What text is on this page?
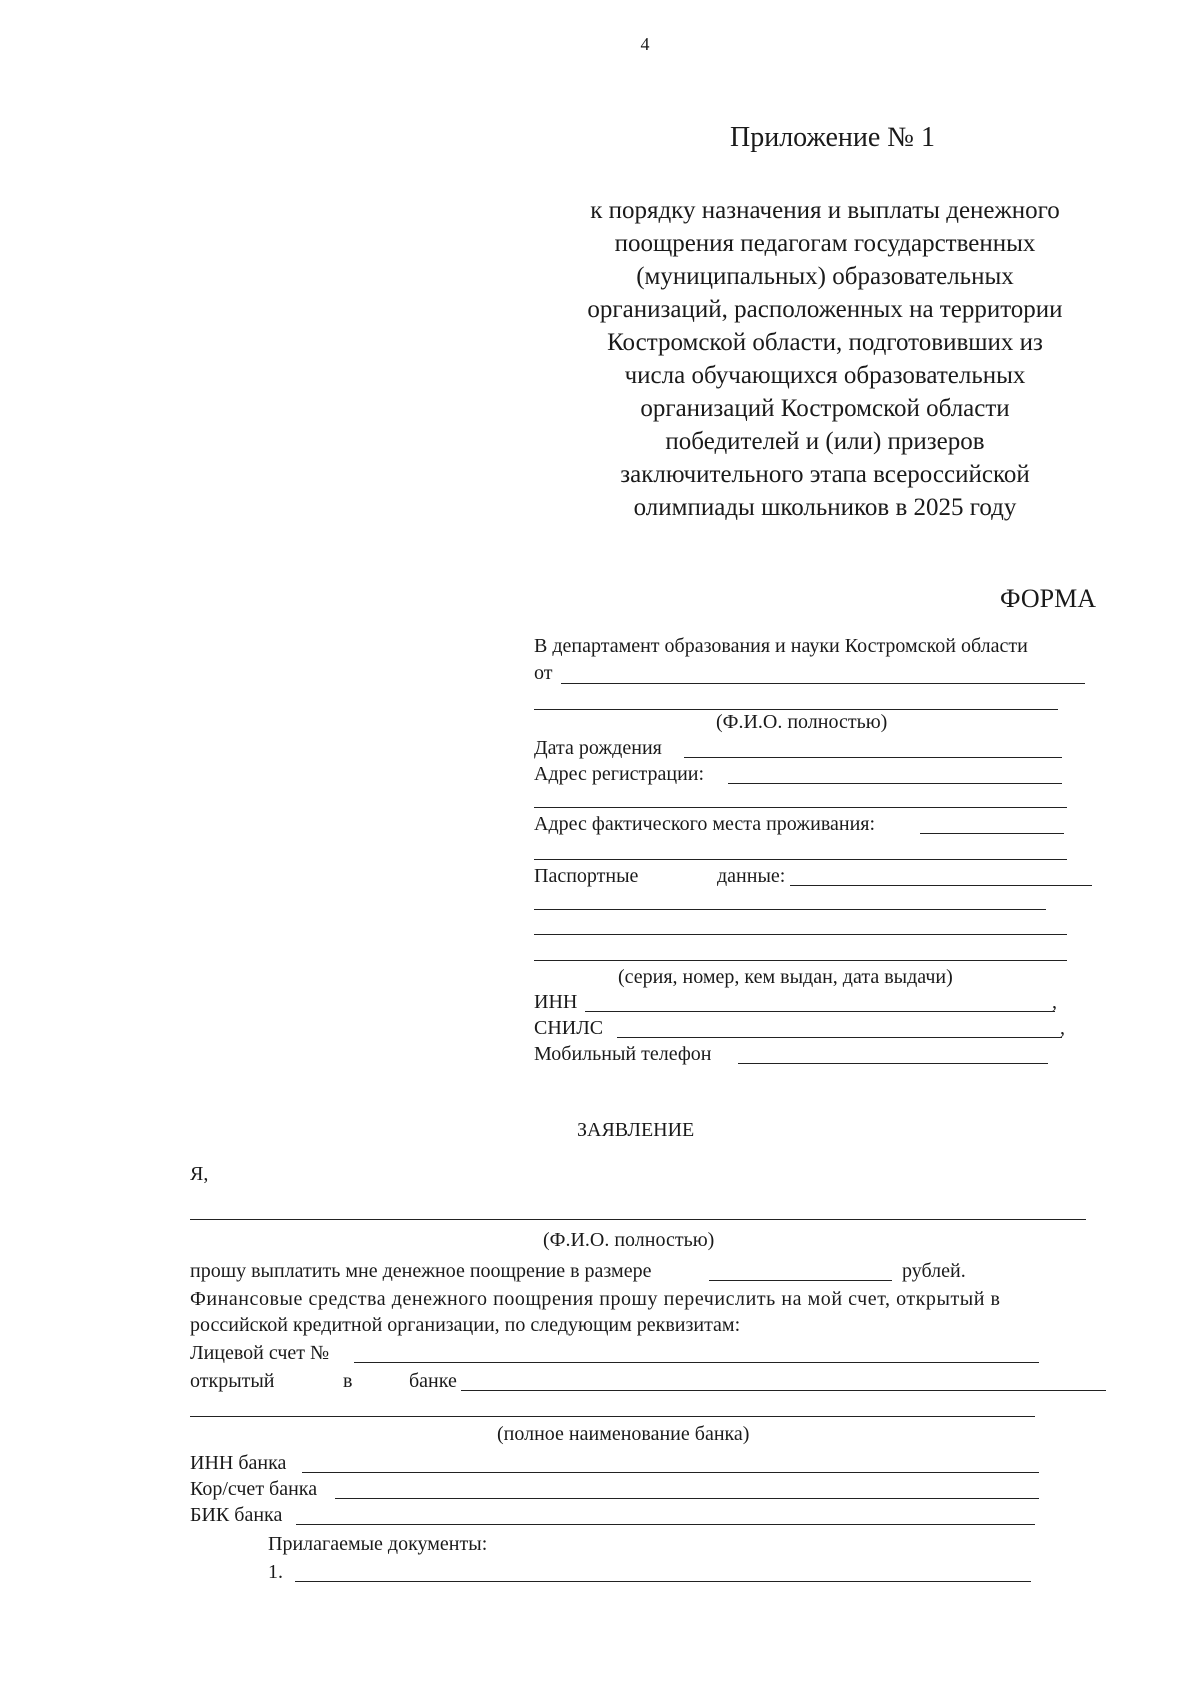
4
Приложение № 1
к порядку назначения и выплаты денежного
поощрения педагогам государственных
(муниципальных) образовательных
организаций, расположенных на территории
Костромской области, подготовивших из
числа обучающихся образовательных
организаций Костромской области
победителей и (или) призеров
заключительного этапа всероссийской
олимпиады школьников в 2025 году
ФОРМА
В департамент образования и науки Костромской области
от
(Ф.И.О. полностью)
Дата рождения
Адрес регистрации:
Адрес фактического места проживания:
Паспортные	данные:
(серия, номер, кем выдан, дата выдачи)
ИНН	,
СНИЛС	,
Мобильный телефон
ЗАЯВЛЕНИЕ
Я,
(Ф.И.О. полностью)
прошу выплатить мне денежное поощрение в размере	рублей.
Финансовые средства денежного поощрения прошу перечислить на мой счет, открытый в
российской кредитной организации, по следующим реквизитам:
Лицевой счет №
открытый	в	банке
(полное наименование банка)
ИНН банка
Кор/счет банка
БИК банка
Прилагаемые документы:
1.
